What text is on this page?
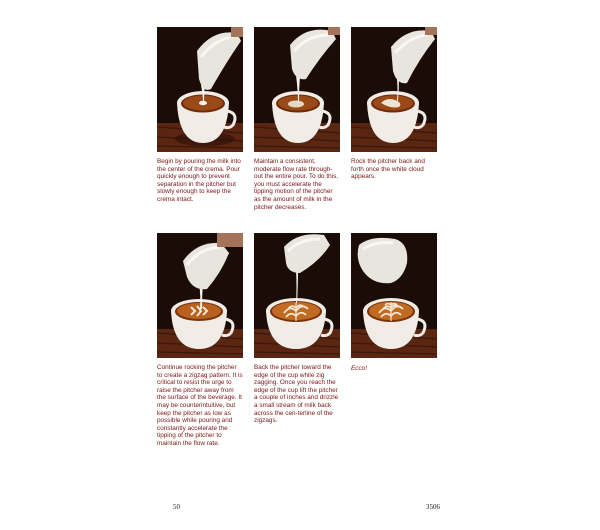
Begin by pouring the milk into the center of the crema. Pour quickly enough to prevent separation in the pitcher but slowly enough to keep the crema intact.
Maintain a consistent, moderate flow rate through-out the entire pour. To do this, you must accelerate the tipping motion of the pitcher as the amount of milk in the pitcher decreases.
Rock the pitcher back and forth once the white cloud appears.
Continue rocking the pitcher to create a zigzag pattern. It is critical to resist the urge to raise the pitcher away from the surface of the beverage. It may be counterintuitive, but keep the pitcher as low as possible while pouring and constantly accelerate the tipping of the pitcher to maintain the flow rate.
Back the pitcher toward the edge of the cup while zig zagging. Once you reach the edge of the cup lift the pitcher a couple of inches and drizzle a small stream of milk back across the cen-terline of the zigzags.
Ecco!
50	3506
